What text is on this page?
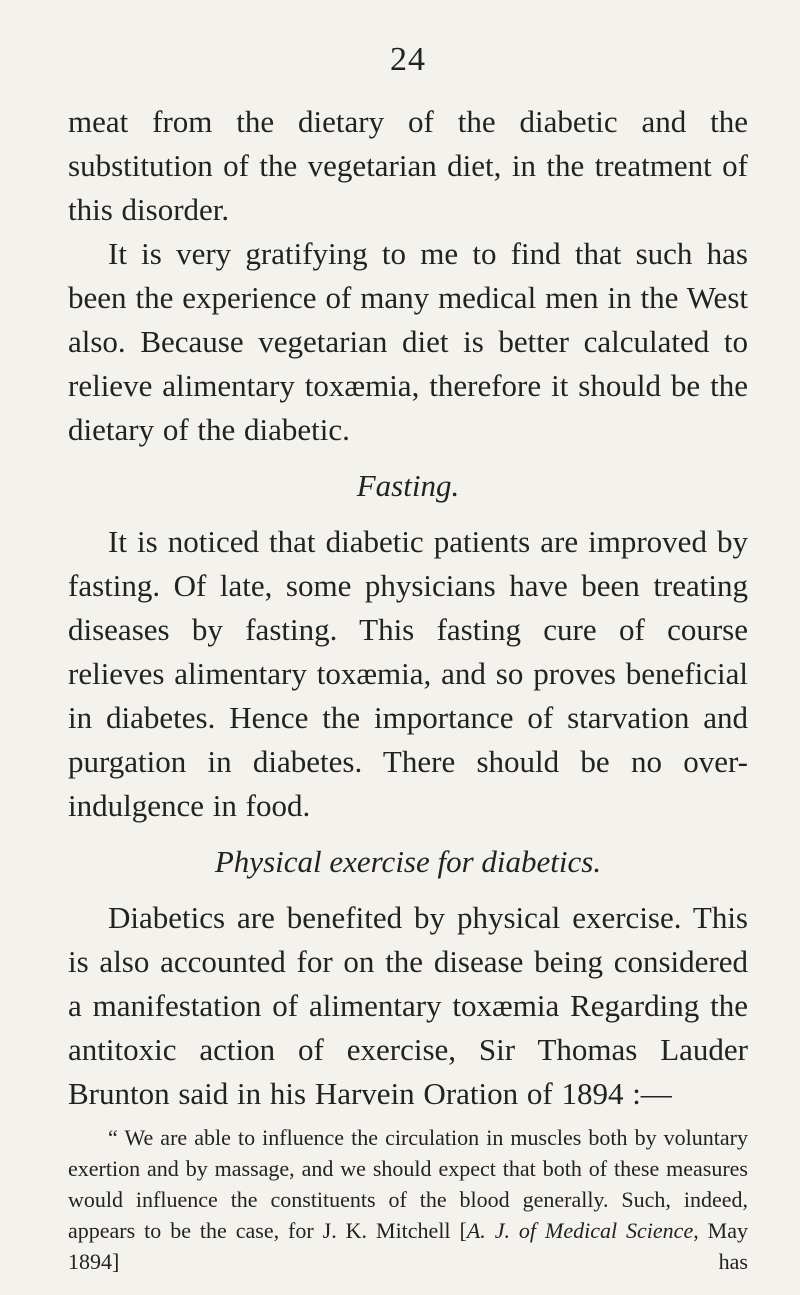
24

meat from the dietary of the diabetic and the substitution of the vegetarian diet, in the treatment of this disorder.

It is very gratifying to me to find that such has been the experience of many medical men in the West also. Because vegetarian diet is better calculated to relieve alimentary toxæmia, therefore it should be the dietary of the diabetic.

Fasting.

It is noticed that diabetic patients are improved by fasting. Of late, some physicians have been treating diseases by fasting. This fasting cure of course relieves alimentary toxæmia, and so proves beneficial in diabetes. Hence the importance of starvation and purgation in diabetes. There should be no over-indulgence in food.

Physical exercise for diabetics.

Diabetics are benefited by physical exercise. This is also accounted for on the disease being considered a manifestation of alimentary toxæmia Regarding the antitoxic action of exercise, Sir Thomas Lauder Brunton said in his Harvein Oration of 1894 :—

“ We are able to influence the circulation in muscles both by voluntary exertion and by massage, and we should expect that both of these measures would influence the constituents of the blood generally. Such, indeed, appears to be the case, for J. K. Mitchell [A. J. of Medical Science, May 1894] has
